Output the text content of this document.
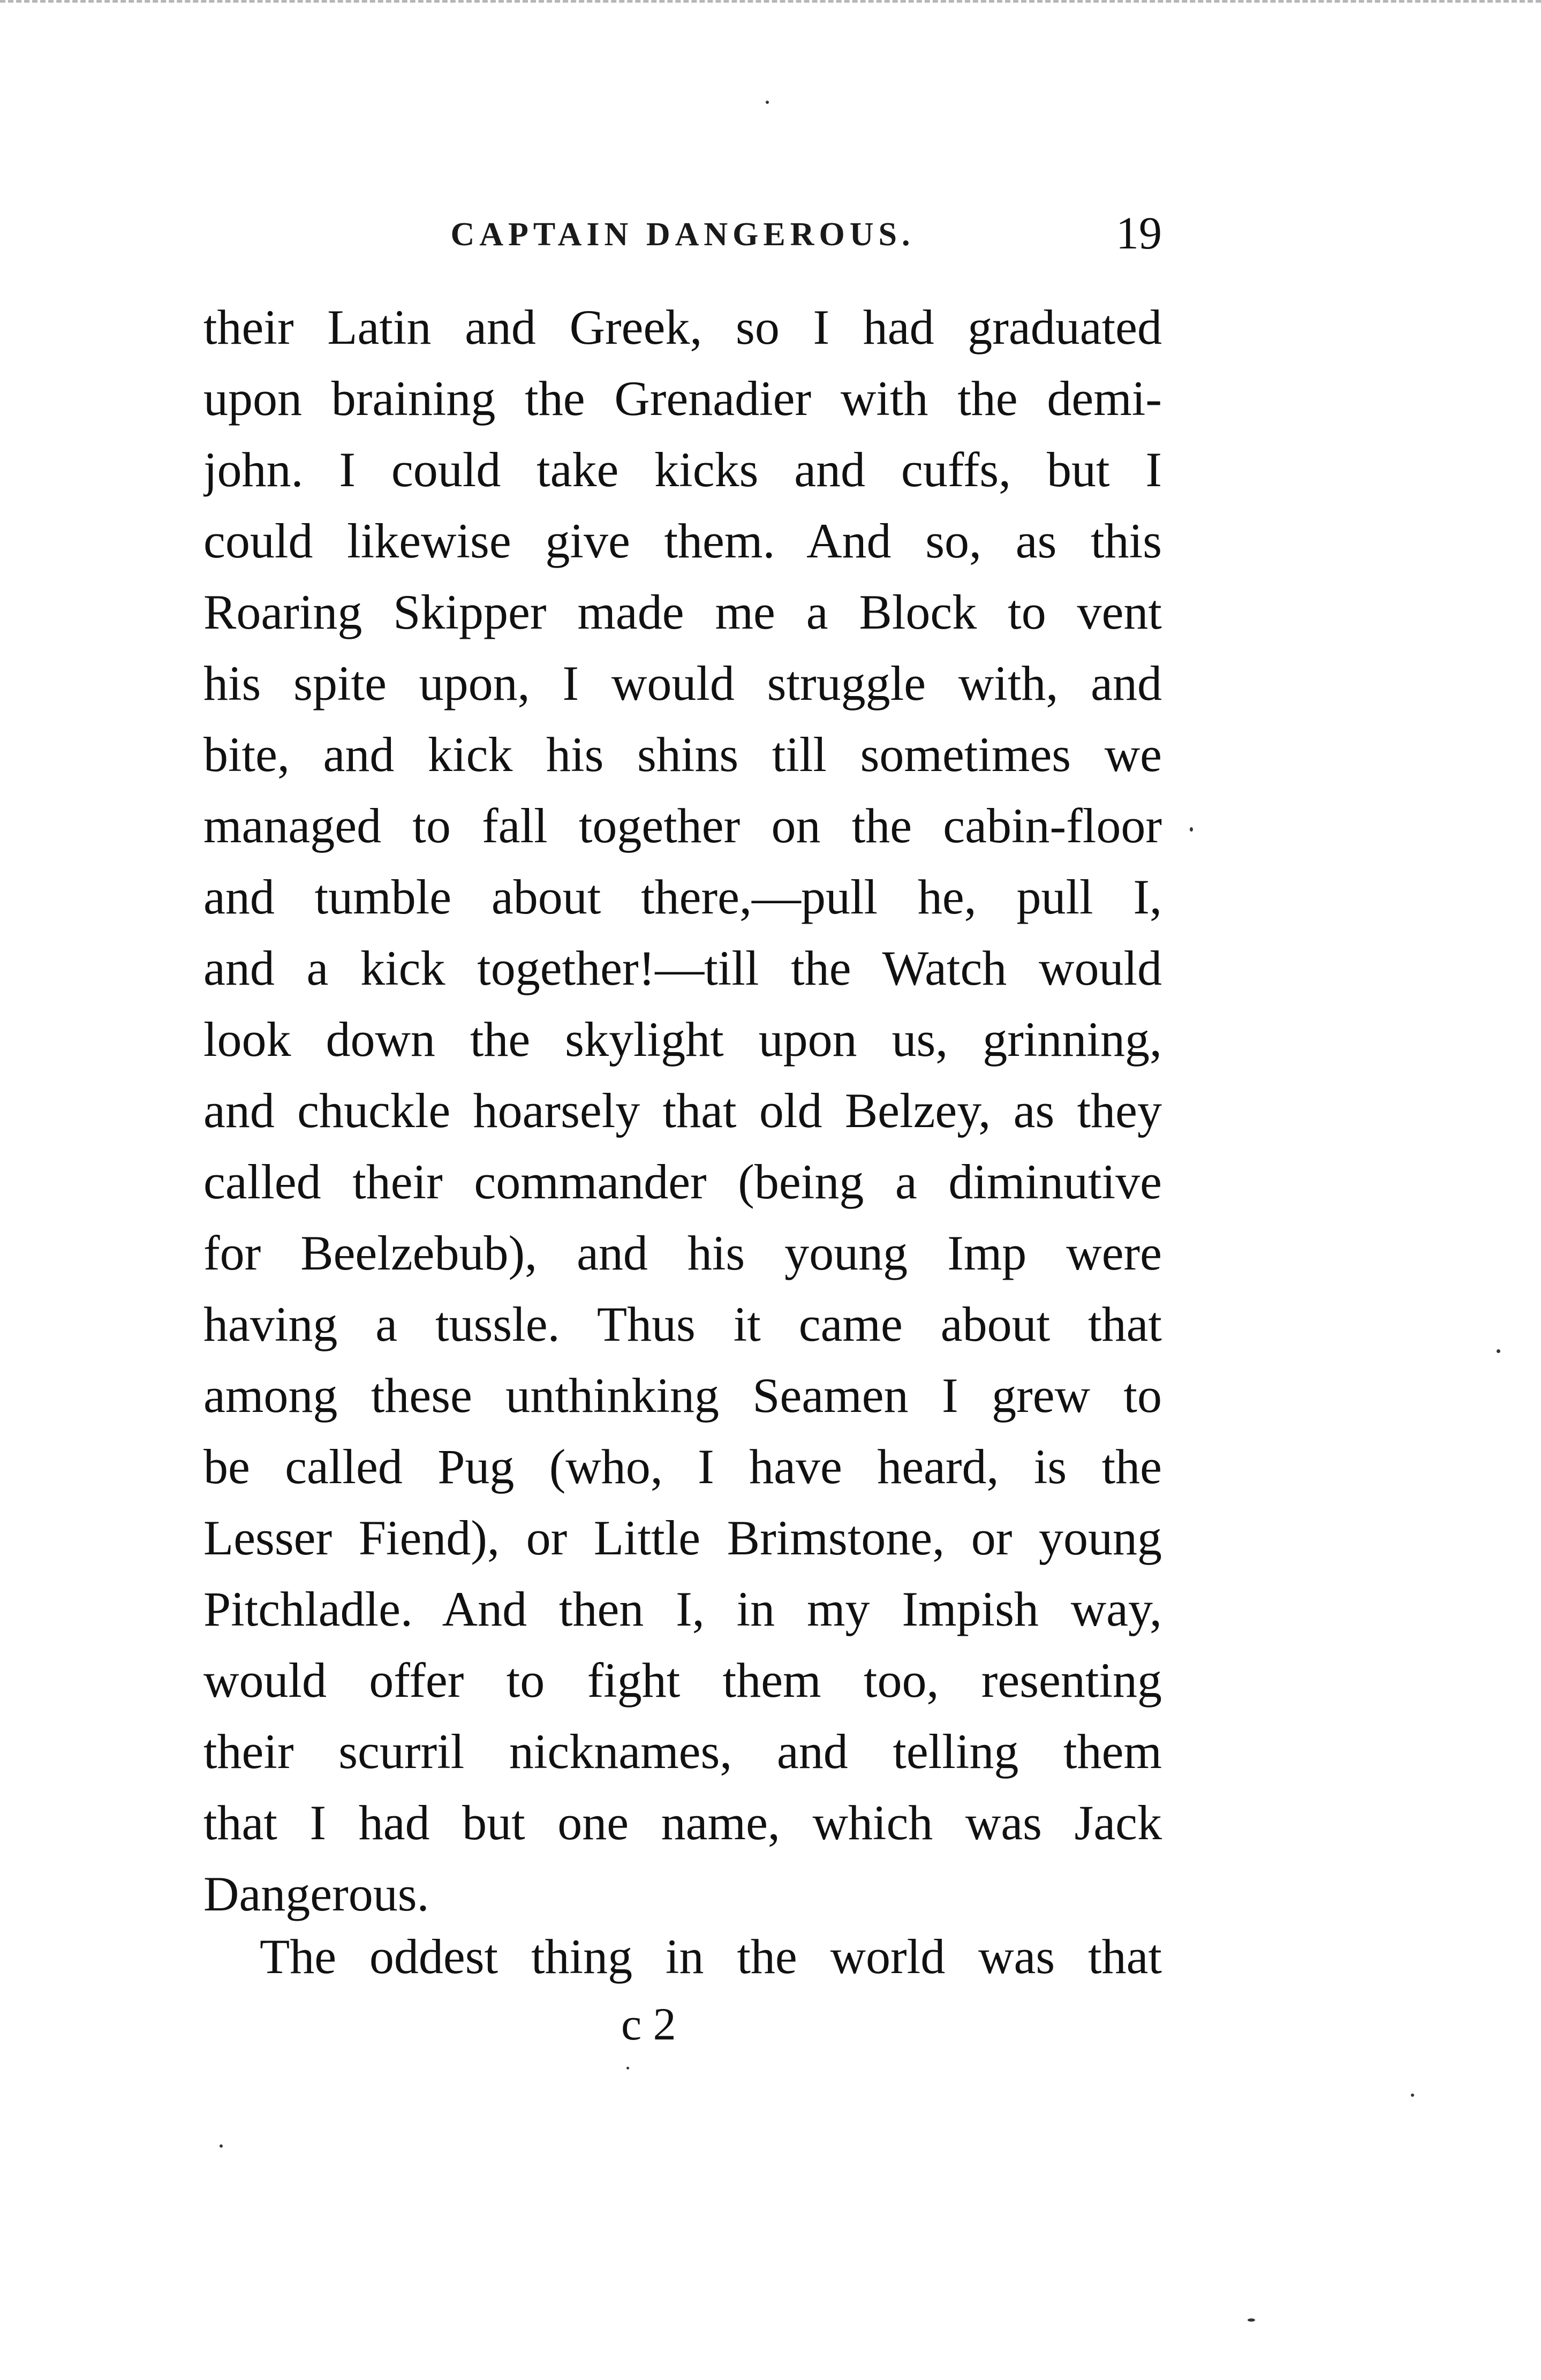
CAPTAIN DANGEROUS.	19
their Latin and Greek, so I had graduated
upon braining the Grenadier with the demi-
john. I could take kicks and cuffs, but I
could likewise give them. And so, as this
Roaring Skipper made me a Block to vent
his spite upon, I would struggle with, and
bite, and kick his shins till sometimes we
managed to fall together on the cabin-floor
and tumble about there,—pull he, pull I,
and a kick together!—till the Watch would
look down the skylight upon us, grinning,
and chuckle hoarsely that old Belzey, as they
called their commander (being a diminutive
for Beelzebub), and his young Imp were
having a tussle. Thus it came about that
among these unthinking Seamen I grew to
be called Pug (who, I have heard, is the
Lesser Fiend), or Little Brimstone, or young
Pitchladle. And then I, in my Impish way,
would offer to fight them too, resenting
their scurril nicknames, and telling them
that I had but one name, which was Jack
Dangerous.
The oddest thing in the world was that
c 2
